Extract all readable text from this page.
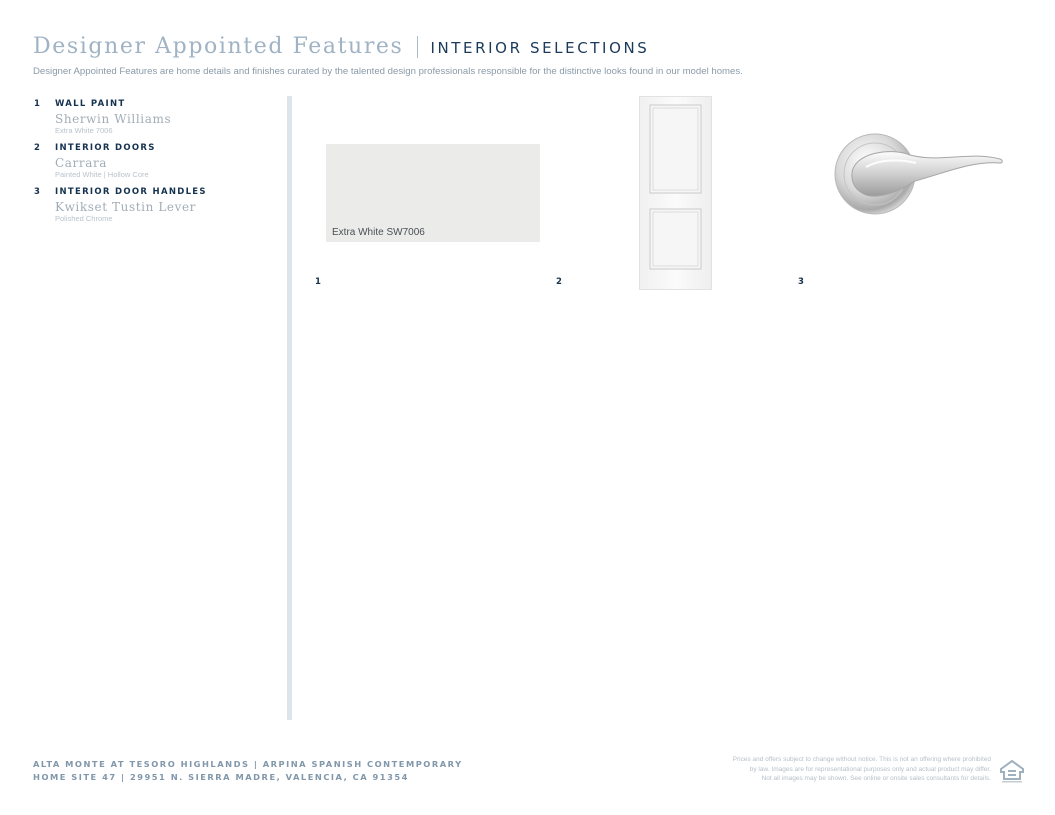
Designer Appointed Features INTERIOR SELECTIONS
Designer Appointed Features are home details and finishes curated by the talented design professionals responsible for the distinctive looks found in our model homes.
1	WALL PAINT
Sherwin Williams
Extra White 7006
2	INTERIOR DOORS
Carrara
Painted White | Hollow Core
3	INTERIOR DOOR HANDLES
Kwikset Tustin Lever
Polished Chrome
Extra White SW7006
1	2	3
ALTA MONTE AT TESORO HIGHLANDS | ARPINA SPANISH CONTEMPORARY
HOME SITE 47 | 29951 N. SIERRA MADRE, VALENCIA, CA 91354
Prices and offers subject to change without notice. This is not an offering where prohibited
by law. Images are for representational purposes only and actual product may differ.
Not all images may be shown. See online or onsite sales consultants for details.
